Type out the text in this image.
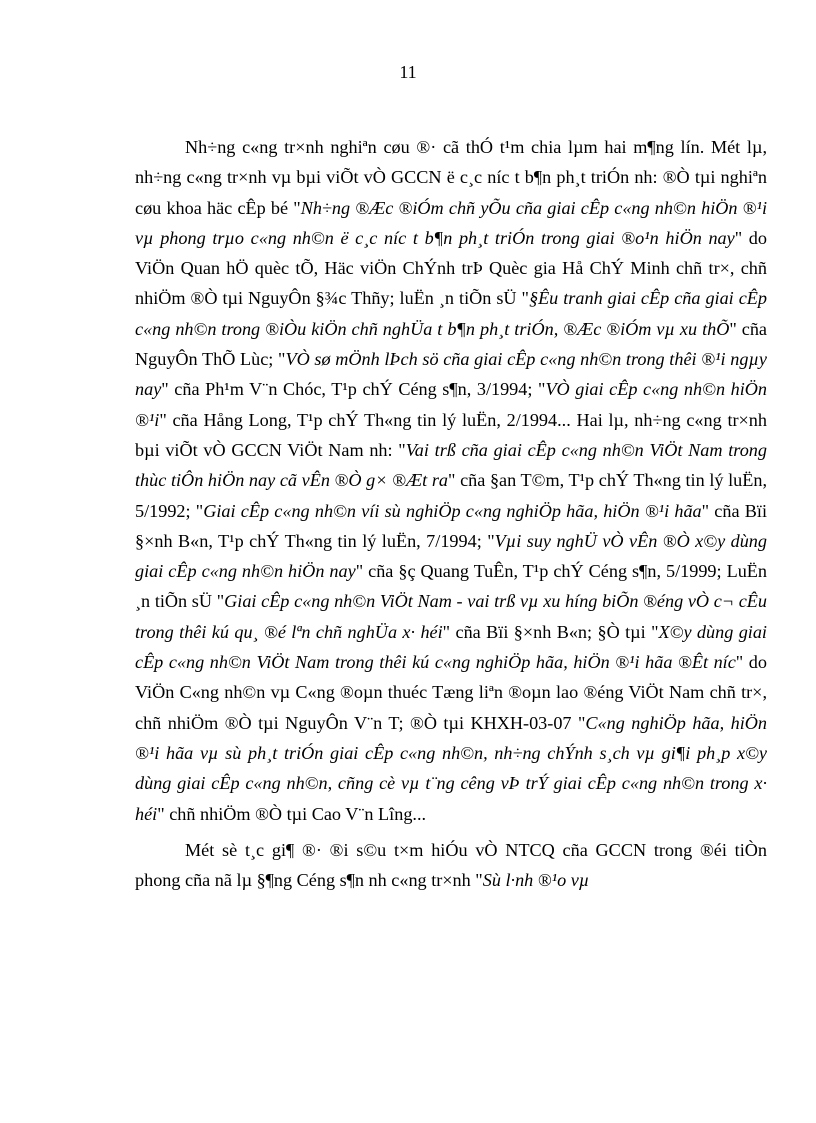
11

Nh÷ng c«ng tr×nh nghiªn cøu ®· cã thÓ t¹m chia lµm hai m¶ng lín. Mét lµ, nh÷ng c«ng tr×nh vµ bµi viÕt vÒ GCCN ë c¸c níc t b¶n ph¸t triÓn nh: ®Ò tµi nghiªn cøu khoa häc cÊp bé "Nh÷ng ®Æc ®iÓm chñ yÕu cña giai cÊp c«ng nh©n hiÖn ®¹i vµ phong trµo c«ng nh©n ë c¸c níc t b¶n ph¸t triÓn trong giai ®o¹n hiÖn nay" do ViÖn Quan hÖ quèc tÕ, Häc viÖn ChÝnh trÞ Quèc gia Hå ChÝ Minh chñ tr×, chñ nhiÖm ®Ò tµi NguyÔn §¾c Thñy; luËn ¸n tiÕn sÜ "§Êu tranh giai cÊp cña giai cÊp c«ng nh©n trong ®iÒu kiÖn chñ nghÜa t b¶n ph¸t triÓn, ®Æc ®iÓm vµ xu thÕ" cña NguyÔn ThÕ Lùc; "VÒ sø mÖnh lÞch sö cña giai cÊp c«ng nh©n trong thêi ®¹i ngµy nay" cña Ph¹m V¨n Chóc, T¹p chÝ Céng s¶n, 3/1994; "VÒ giai cÊp c«ng nh©n hiÖn ®¹i" cña Hång Long, T¹p chÝ Th«ng tin lý luËn, 2/1994... Hai lµ, nh÷ng c«ng tr×nh bµi viÕt vÒ GCCN ViÖt Nam nh: "Vai trß cña giai cÊp c«ng nh©n ViÖt Nam trong thùc tiÔn hiÖn nay cã vÊn ®Ò g× ®Æt ra" cña §an T©m, T¹p chÝ Th«ng tin lý luËn, 5/1992; "Giai cÊp c«ng nh©n víi sù nghiÖp c«ng nghiÖp hãa, hiÖn ®¹i hãa" cña Bïi §×nh B«n, T¹p chÝ Th«ng tin lý luËn, 7/1994; "Vµi suy nghÜ vÒ vÊn ®Ò x©y dùng giai cÊp c«ng nh©n hiÖn nay" cña §ç Quang TuÊn, T¹p chÝ Céng s¶n, 5/1999; LuËn ¸n tiÕn sÜ "Giai cÊp c«ng nh©n ViÖt Nam - vai trß vµ xu híng biÕn ®éng vÒ c¬ cÊu trong thêi kú qu¸ ®é lªn chñ nghÜa x· héi" cña Bïi §×nh B«n; §Ò tµi "X©y dùng giai cÊp c«ng nh©n ViÖt Nam trong thêi kú c«ng nghiÖp hãa, hiÖn ®¹i hãa ®Êt níc" do ViÖn C«ng nh©n vµ C«ng ®oµn thuéc Tæng liªn ®oµn lao ®éng ViÖt Nam chñ tr×, chñ nhiÖm ®Ò tµi NguyÔn V¨n T; ®Ò tµi KHXH-03-07 "C«ng nghiÖp hãa, hiÖn ®¹i hãa vµ sù ph¸t triÓn giai cÊp c«ng nh©n, nh÷ng chÝnh s¸ch vµ gi¶i ph¸p x©y dùng giai cÊp c«ng nh©n, cñng cè vµ t¨ng cêng vÞ trÝ giai cÊp c«ng nh©n trong x· héi" chñ nhiÖm ®Ò tµi Cao V¨n Lîng...

Mét sè t¸c gi¶ ®· ®i s©u t×m hiÓu vÒ NTCQ cña GCCN trong ®éi tiÒn phong cña nã lµ §¶ng Céng s¶n nh c«ng tr×nh "Sù l·nh ®¹o vµ
